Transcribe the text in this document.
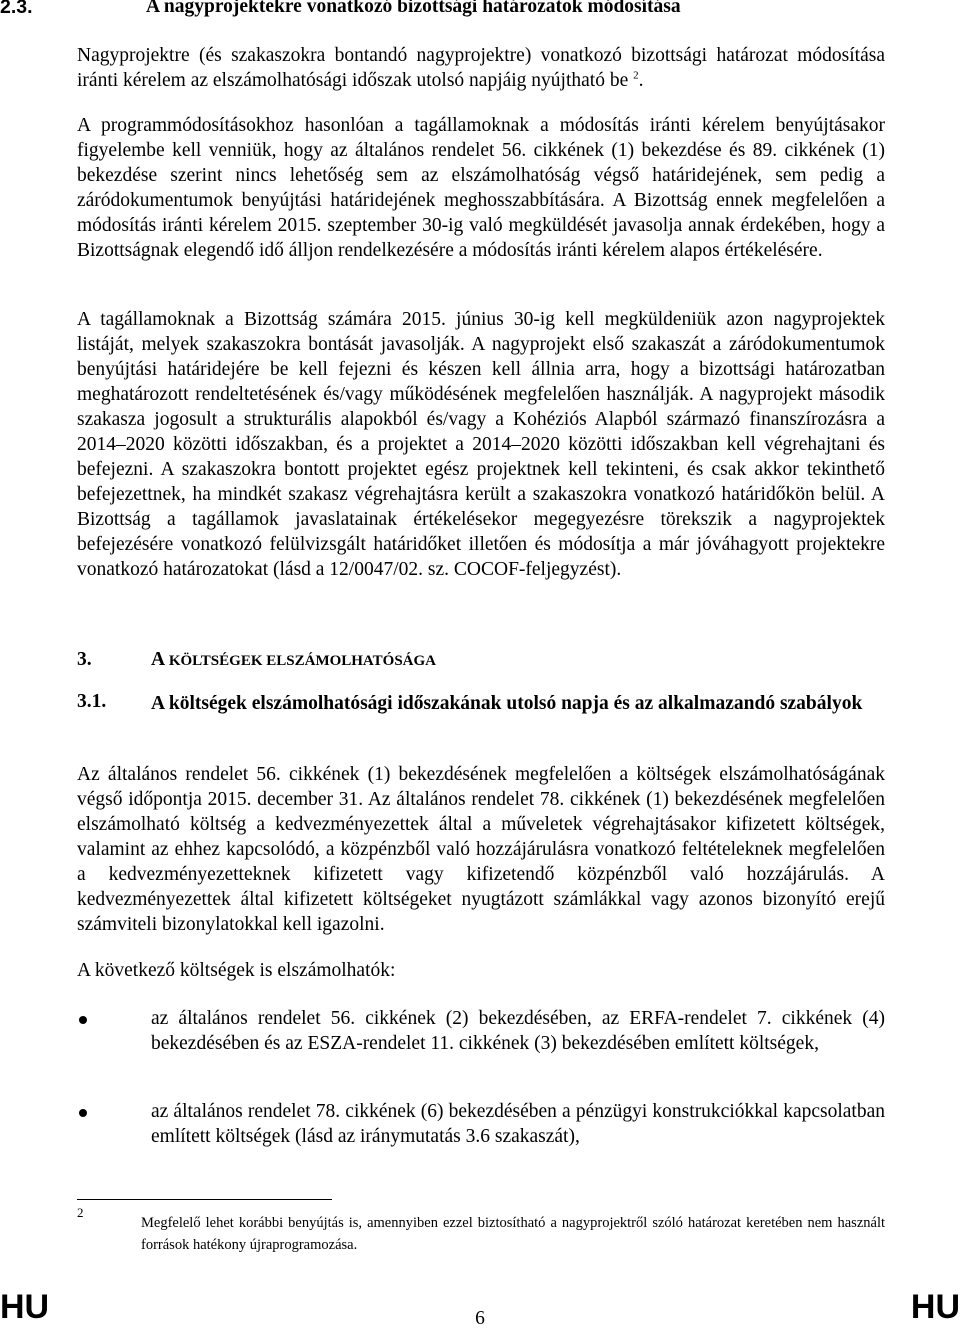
2.3.	A nagyprojektekre vonatkozó bizottsági határozatok módosítása

Nagyprojektre (és szakaszokra bontandó nagyprojektre) vonatkozó bizottsági határozat módosítása iránti kérelem az elszámolhatósági időszak utolsó napjáig nyújtható be $^2$.

A programmódosításokhoz hasonlóan a tagállamoknak a módosítás iránti kérelem benyújtásakor figyelembe kell venniük, hogy az általános rendelet 56. cikkének (1) bekezdése és 89. cikkének (1) bekezdése szerint nincs lehetőség sem az elszámolhatóság végső határidejének, sem pedig a záródokumentumok benyújtási határidejének meghosszabbítására. A Bizottság ennek megfelelően a módosítás iránti kérelem 2015. szeptember 30-ig való megküldését javasolja annak érdekében, hogy a Bizottságnak elegendő idő álljon rendelkezésére a módosítás iránti kérelem alapos értékelésére.

A tagállamoknak a Bizottság számára 2015. június 30-ig kell megküldeniük azon nagyprojektek listáját, melyek szakaszokra bontását javasolják. A nagyprojekt első szakaszát a záródokumentumok benyújtási határidejére be kell fejezni és készen kell állnia arra, hogy a bizottsági határozatban meghatározott rendeltetésének és/vagy működésének megfelelően használják. A nagyprojekt második szakasza jogosult a strukturális alapokból és/vagy a Kohéziós Alapból származó finanszírozásra a 2014–2020 közötti időszakban, és a projektet a 2014–2020 közötti időszakban kell végrehajtani és befejezni. A szakaszokra bontott projektet egész projektnek kell tekinteni, és csak akkor tekinthető befejezettnek, ha mindkét szakasz végrehajtásra került a szakaszokra vonatkozó határidőkön belül. A Bizottság a tagállamok javaslatainak értékelésekor megegyezésre törekszik a nagyprojektek befejezésére vonatkozó felülvizsgált határidőket illetően és módosítja a már jóváhagyott projektekre vonatkozó határozatokat (lásd a 12/0047/02. sz. COCOF-feljegyzést).

3.	A KÖLTSÉGEK ELSZÁMOLHATÓSÁGA
3.1. A költségek elszámolhatósági időszakának utolsó napja és az alkalmazandó szabályok

Az általános rendelet 56. cikkének (1) bekezdésének megfelelően a költségek elszámolhatóságának végső időpontja 2015. december 31. Az általános rendelet 78. cikkének (1) bekezdésének megfelelően elszámolható költség a kedvezményezettek által a műveletek végrehajtásakor kifizetett költségek, valamint az ehhez kapcsolódó, a közpénzből való hozzájárulásra vonatkozó feltételeknek megfelelően a kedvezményezetteknek kifizetett vagy kifizetendő közpénzből való hozzájárulás. A kedvezményezettek által kifizetett költségeket nyugtázott számlákkal vagy azonos bizonyító erejű számviteli bizonylatokkal kell igazolni.

A következő költségek is elszámolhatók:

az általános rendelet 56. cikkének (2) bekezdésében, az ERFA-rendelet 7. cikkének (4) bekezdésében és az ESZA-rendelet 11. cikkének (3) bekezdésében említett költségek,

az általános rendelet 78. cikkének (6) bekezdésében a pénzügyi konstrukciókkal kapcsolatban említett költségek (lásd az iránymutatás 3.6 szakaszát),

2

Megfelelő lehet korábbi benyújtás is, amennyiben ezzel biztosítható a nagyprojektről szóló határozat keretében nem használt források hatékony újraprogramozása.

HU	6	HU
